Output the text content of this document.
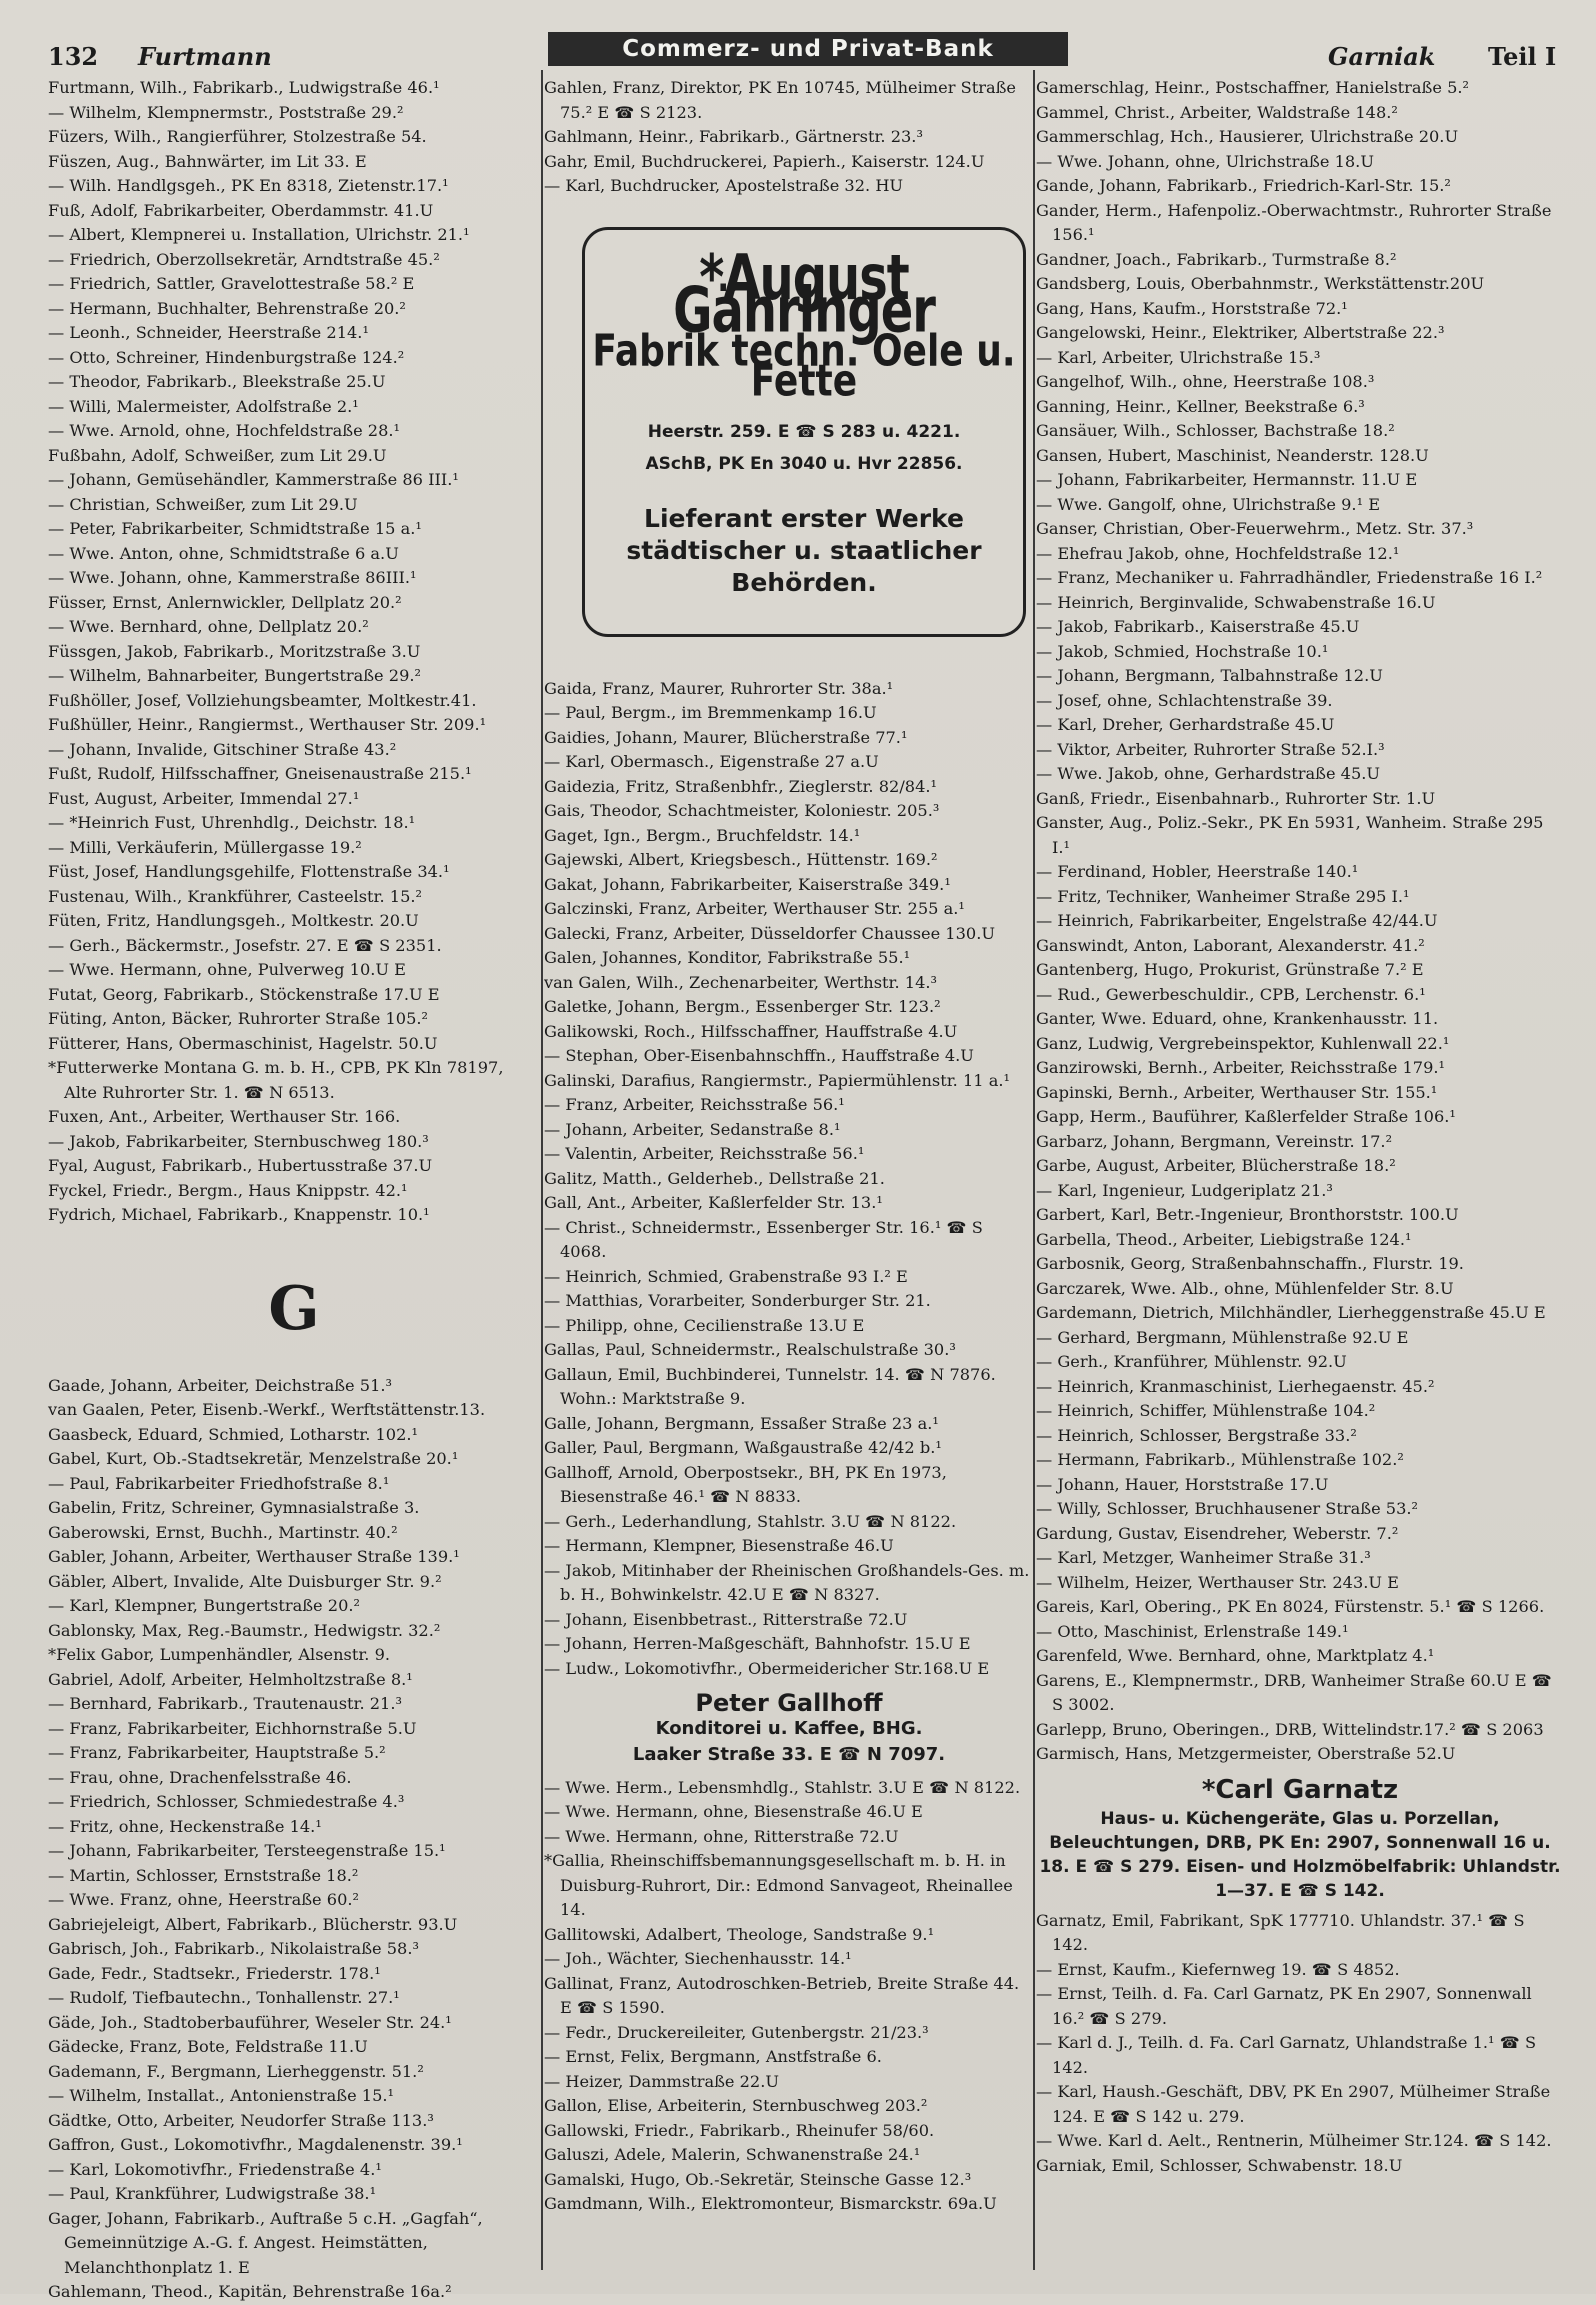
132 Furtmann	Commerz- und Privat-Bank	Garniak Teil I
Furtmann, Wilh., Fabrikarb., Ludwigstraße 46.¹
— Wilhelm, Klempnermstr., Poststraße 29.²
Füzers, Wilh., Rangierführer, Stolzestraße 54.
Füszen, Aug., Bahnwärter, im Lit 33. E
— Wilh. Handlgsgeh., PK En 8318, Zietenstr.17.¹
Fuß, Adolf, Fabrikarbeiter, Oberdammstr. 41.U
— Albert, Klempnerei u. Installation, Ulrichstr. 21.¹
— Friedrich, Oberzollsekretär, Arndtstraße 45.²
— Friedrich, Sattler, Gravelottestraße 58.² E
— Hermann, Buchhalter, Behrenstraße 20.²
— Leonh., Schneider, Heerstraße 214.¹
— Otto, Schreiner, Hindenburgstraße 124.²
— Theodor, Fabrikarb., Bleekstraße 25.U
— Willi, Malermeister, Adolfstraße 2.¹
— Wwe. Arnold, ohne, Hochfeldstraße 28.¹
Fußbahn, Adolf, Schweißer, zum Lit 29.U
— Johann, Gemüsehändler, Kammerstraße 86 III.¹
— Christian, Schweißer, zum Lit 29.U
— Peter, Fabrikarbeiter, Schmidtstraße 15 a.¹
— Wwe. Anton, ohne, Schmidtstraße 6 a.U
— Wwe. Johann, ohne, Kammerstraße 86III.¹
Füsser, Ernst, Anlernwickler, Dellplatz 20.²
— Wwe. Bernhard, ohne, Dellplatz 20.²
Füssgen, Jakob, Fabrikarb., Moritzstraße 3.U
— Wilhelm, Bahnarbeiter, Bungertstraße 29.²
Fußhöller, Josef, Vollziehungsbeamter, Moltkestr.41.
Fußhüller, Heinr., Rangiermst., Werthauser Str. 209.¹
— Johann, Invalide, Gitschiner Straße 43.²
Fußt, Rudolf, Hilfsschaffner, Gneisenaustraße 215.¹
Fust, August, Arbeiter, Immendal 27.¹
— *Heinrich Fust, Uhrenhdlg., Deichstr. 18.¹
— Milli, Verkäuferin, Müllergasse 19.²
Füst, Josef, Handlungsgehilfe, Flottenstraße 34.¹
Fustenau, Wilh., Krankführer, Casteelstr. 15.²
Füten, Fritz, Handlungsgeh., Moltkestr. 20.U
— Gerh., Bäckermstr., Josefstr. 27. E ☎ S 2351.
— Wwe. Hermann, ohne, Pulverweg 10.U E
Futat, Georg, Fabrikarb., Stöckenstraße 17.U E
Füting, Anton, Bäcker, Ruhrorter Straße 105.²
Fütterer, Hans, Obermaschinist, Hagelstr. 50.U
*Futterwerke Montana G. m. b. H., CPB, PK Kln 78197, Alte Ruhrorter Str. 1. ☎ N 6513.
Fuxen, Ant., Arbeiter, Werthauser Str. 166.
— Jakob, Fabrikarbeiter, Sternbuschweg 180.³
Fyal, August, Fabrikarb., Hubertusstraße 37.U
Fyckel, Friedr., Bergm., Haus Knippstr. 42.¹
Fydrich, Michael, Fabrikarb., Knappenstr. 10.¹
G
Gaade, Johann, Arbeiter, Deichstraße 51.³
van Gaalen, Peter, Eisenb.-Werkf., Werftstättenstr.13.
Gaasbeck, Eduard, Schmied, Lotharstr. 102.¹
Gabel, Kurt, Ob.-Stadtsekretär, Menzelstraße 20.¹
— Paul, Fabrikarbeiter Friedhofstraße 8.¹
Gabelin, Fritz, Schreiner, Gymnasialstraße 3.
Gaberowski, Ernst, Buchh., Martinstr. 40.²
Gabler, Johann, Arbeiter, Werthauser Straße 139.¹
Gäbler, Albert, Invalide, Alte Duisburger Str. 9.²
— Karl, Klempner, Bungertstraße 20.²
Gablonsky, Max, Reg.-Baumstr., Hedwigstr. 32.²
*Felix Gabor, Lumpenhändler, Alsenstr. 9.
Gabriel, Adolf, Arbeiter, Helmholtzstraße 8.¹
— Bernhard, Fabrikarb., Trautenaustr. 21.³
— Franz, Fabrikarbeiter, Eichhornstraße 5.U
— Franz, Fabrikarbeiter, Hauptstraße 5.²
— Frau, ohne, Drachenfelsstraße 46.
— Friedrich, Schlosser, Schmiedestraße 4.³
— Fritz, ohne, Heckenstraße 14.¹
— Johann, Fabrikarbeiter, Tersteegenstraße 15.¹
— Martin, Schlosser, Ernststraße 18.²
— Wwe. Franz, ohne, Heerstraße 60.²
Gabriejeleigt, Albert, Fabrikarb., Blücherstr. 93.U
Gabrisch, Joh., Fabrikarb., Nikolaistraße 58.³
Gade, Fedr., Stadtsekr., Friederstr. 178.¹
— Rudolf, Tiefbautechn., Tonhallenstr. 27.¹
Gäde, Joh., Stadtoberbauführer, Weseler Str. 24.¹
Gädecke, Franz, Bote, Feldstraße 11.U
Gademann, F., Bergmann, Lierheggenstr. 51.²
— Wilhelm, Installat., Antonienstraße 15.¹
Gädtke, Otto, Arbeiter, Neudorfer Straße 113.³
Gaffron, Gust., Lokomotivfhr., Magdalenenstr. 39.¹
— Karl, Lokomotivfhr., Friedenstraße 4.¹
— Paul, Krankführer, Ludwigstraße 38.¹
Gager, Johann, Fabrikarb., Auftraße 5 c.H. „Gagfah“, Gemeinnützige A.-G. f. Angest. Heimstätten, Melanchthonplatz 1. E
Gahlemann, Theod., Kapitän, Behrenstraße 16a.²
Gahlen, Franz, Direktor, PK En 10745, Mülheimer Straße 75.² E ☎ S 2123.
Gahlmann, Heinr., Fabrikarb., Gärtnerstr. 23.³
Gahr, Emil, Buchdruckerei, Papierh., Kaiserstr. 124.U
— Karl, Buchdrucker, Apostelstraße 32. HU
*August Gähringer
Fabrik techn. Oele u. Fette
Heerstr. 259. E ☎ S 283 u. 4221.
ASchB, PK En 3040 u. Hvr 22856.
Lieferant erster Werke städtischer u. staatlicher Behörden.
Gaida, Franz, Maurer, Ruhrorter Str. 38a.¹
— Paul, Bergm., im Bremmenkamp 16.U
Gaidies, Johann, Maurer, Blücherstraße 77.¹
— Karl, Obermasch., Eigenstraße 27 a.U
Gaidezia, Fritz, Straßenbhfr., Zieglerstr. 82/84.¹
Gais, Theodor, Schachtmeister, Koloniestr. 205.³
Gaget, Ign., Bergm., Bruchfeldstr. 14.¹
Gajewski, Albert, Kriegsbesch., Hüttenstr. 169.²
Gakat, Johann, Fabrikarbeiter, Kaiserstraße 349.¹
Galczinski, Franz, Arbeiter, Werthauser Str. 255 a.¹
Galecki, Franz, Arbeiter, Düsseldorfer Chaussee 130.U
Galen, Johannes, Konditor, Fabrikstraße 55.¹
van Galen, Wilh., Zechenarbeiter, Werthstr. 14.³
Galetke, Johann, Bergm., Essenberger Str. 123.²
Galikowski, Roch., Hilfsschaffner, Hauffstraße 4.U
— Stephan, Ober-Eisenbahnschffn., Hauffstraße 4.U
Galinski, Darafius, Rangiermstr., Papiermühlenstr. 11 a.¹
— Franz, Arbeiter, Reichsstraße 56.¹
— Johann, Arbeiter, Sedanstraße 8.¹
— Valentin, Arbeiter, Reichsstraße 56.¹
Galitz, Matth., Gelderheb., Dellstraße 21.
Gall, Ant., Arbeiter, Kaßlerfelder Str. 13.¹
— Christ., Schneidermstr., Essenberger Str. 16.¹ ☎ S 4068.
— Heinrich, Schmied, Grabenstraße 93 I.² E
— Matthias, Vorarbeiter, Sonderburger Str. 21.
— Philipp, ohne, Cecilienstraße 13.U E
Gallas, Paul, Schneidermstr., Realschulstraße 30.³
Gallaun, Emil, Buchbinderei, Tunnelstr. 14. ☎ N 7876. Wohn.: Marktstraße 9.
Galle, Johann, Bergmann, Essaßer Straße 23 a.¹
Galler, Paul, Bergmann, Waßgaustraße 42/42 b.¹
Gallhoff, Arnold, Oberpostsekr., BH, PK En 1973, Biesenstraße 46.¹ ☎ N 8833.
— Gerh., Lederhandlung, Stahlstr. 3.U ☎ N 8122.
— Hermann, Klempner, Biesenstraße 46.U
— Jakob, Mitinhaber der Rheinischen Großhandels-Ges. m. b. H., Bohwinkelstr. 42.U E ☎ N 8327.
— Johann, Eisenbbetrast., Ritterstraße 72.U
— Johann, Herren-Maßgeschäft, Bahnhofstr. 15.U E
— Ludw., Lokomotivfhr., Obermeidericher Str.168.U E
Peter Gallhoff
Konditorei u. Kaffee, BHG.
Laaker Straße 33. E ☎ N 7097.
— Wwe. Herm., Lebensmhdlg., Stahlstr. 3.U E ☎ N 8122.
— Wwe. Hermann, ohne, Biesenstraße 46.U E
— Wwe. Hermann, ohne, Ritterstraße 72.U
*Gallia, Rheinschiffsbemannungsgesellschaft m. b. H. in Duisburg-Ruhrort, Dir.: Edmond Sanvageot, Rheinallee 14.
Gallitowski, Adalbert, Theologe, Sandstraße 9.¹
— Joh., Wächter, Siechenhausstr. 14.¹
Gallinat, Franz, Autodroschken-Betrieb, Breite Straße 44. E ☎ S 1590.
— Fedr., Druckereileiter, Gutenbergstr. 21/23.³
— Ernst, Felix, Bergmann, Anstfstraße 6.
— Heizer, Dammstraße 22.U
Gallon, Elise, Arbeiterin, Sternbuschweg 203.²
Gallowski, Friedr., Fabrikarb., Rheinufer 58/60.
Galuszi, Adele, Malerin, Schwanenstraße 24.¹
Gamalski, Hugo, Ob.-Sekretär, Steinsche Gasse 12.³
Gamdmann, Wilh., Elektromonteur, Bismarckstr. 69a.U
Gamerschlag, Heinr., Postschaffner, Hanielstraße 5.²
Gammel, Christ., Arbeiter, Waldstraße 148.²
Gammerschlag, Hch., Hausierer, Ulrichstraße 20.U
— Wwe. Johann, ohne, Ulrichstraße 18.U
Gande, Johann, Fabrikarb., Friedrich-Karl-Str. 15.²
Gander, Herm., Hafenpoliz.-Oberwachtmstr., Ruhrorter Straße 156.¹
Gandner, Joach., Fabrikarb., Turmstraße 8.²
Gandsberg, Louis, Oberbahnmstr., Werkstättenstr.20U
Gang, Hans, Kaufm., Horststraße 72.¹
Gangelowski, Heinr., Elektriker, Albertstraße 22.³
— Karl, Arbeiter, Ulrichstraße 15.³
Gangelhof, Wilh., ohne, Heerstraße 108.³
Ganning, Heinr., Kellner, Beekstraße 6.³
Gansäuer, Wilh., Schlosser, Bachstraße 18.²
Gansen, Hubert, Maschinist, Neanderstr. 128.U
— Johann, Fabrikarbeiter, Hermannstr. 11.U E
— Wwe. Gangolf, ohne, Ulrichstraße 9.¹ E
Ganser, Christian, Ober-Feuerwehrm., Metz. Str. 37.³
— Ehefrau Jakob, ohne, Hochfeldstraße 12.¹
— Franz, Mechaniker u. Fahrradhändler, Friedenstraße 16 I.²
— Heinrich, Berginvalide, Schwabenstraße 16.U
— Jakob, Fabrikarb., Kaiserstraße 45.U
— Jakob, Schmied, Hochstraße 10.¹
— Johann, Bergmann, Talbahnstraße 12.U
— Josef, ohne, Schlachtenstraße 39.
— Karl, Dreher, Gerhardstraße 45.U
— Viktor, Arbeiter, Ruhrorter Straße 52.I.³
— Wwe. Jakob, ohne, Gerhardstraße 45.U
Ganß, Friedr., Eisenbahnarb., Ruhrorter Str. 1.U
Ganster, Aug., Poliz.-Sekr., PK En 5931, Wanheim. Straße 295 I.¹
— Ferdinand, Hobler, Heerstraße 140.¹
— Fritz, Techniker, Wanheimer Straße 295 I.¹
— Heinrich, Fabrikarbeiter, Engelstraße 42/44.U
Ganswindt, Anton, Laborant, Alexanderstr. 41.²
Gantenberg, Hugo, Prokurist, Grünstraße 7.² E
— Rud., Gewerbeschuldir., CPB, Lerchenstr. 6.¹
Ganter, Wwe. Eduard, ohne, Krankenhausstr. 11.
Ganz, Ludwig, Vergrebeinspektor, Kuhlenwall 22.¹
Ganzirowski, Bernh., Arbeiter, Reichsstraße 179.¹
Gapinski, Bernh., Arbeiter, Werthauser Str. 155.¹
Gapp, Herm., Bauführer, Kaßlerfelder Straße 106.¹
Garbarz, Johann, Bergmann, Vereinstr. 17.²
Garbe, August, Arbeiter, Blücherstraße 18.²
— Karl, Ingenieur, Ludgeriplatz 21.³
Garbert, Karl, Betr.-Ingenieur, Bronthorststr. 100.U
Garbella, Theod., Arbeiter, Liebigstraße 124.¹
Garbosnik, Georg, Straßenbahnschaffn., Flurstr. 19.
Garczarek, Wwe. Alb., ohne, Mühlenfelder Str. 8.U
Gardemann, Dietrich, Milchhändler, Lierheggenstraße 45.U E
— Gerhard, Bergmann, Mühlenstraße 92.U E
— Gerh., Kranführer, Mühlenstr. 92.U
— Heinrich, Kranmaschinist, Lierhegaenstr. 45.²
— Heinrich, Schiffer, Mühlenstraße 104.²
— Heinrich, Schlosser, Bergstraße 33.²
— Hermann, Fabrikarb., Mühlenstraße 102.²
— Johann, Hauer, Horststraße 17.U
— Willy, Schlosser, Bruchhausener Straße 53.²
Gardung, Gustav, Eisendreher, Weberstr. 7.²
— Karl, Metzger, Wanheimer Straße 31.³
— Wilhelm, Heizer, Werthauser Str. 243.U E
Gareis, Karl, Obering., PK En 8024, Fürstenstr. 5.¹ ☎ S 1266.
— Otto, Maschinist, Erlenstraße 149.¹
Garenfeld, Wwe. Bernhard, ohne, Marktplatz 4.¹
Garens, E., Klempnermstr., DRB, Wanheimer Straße 60.U E ☎ S 3002.
Garlepp, Bruno, Oberingen., DRB, Wittelindstr.17.² ☎ S 2063
Garmisch, Hans, Metzgermeister, Oberstraße 52.U
*Carl Garnatz
Haus- u. Küchengeräte, Glas u. Porzellan, Beleuchtungen, DRB, PK En: 2907, Sonnenwall 16 u. 18. E ☎ S 279. Eisen- und Holzmöbelfabrik: Uhlandstr. 1—37. E ☎ S 142.
Garnatz, Emil, Fabrikant, SpK 177710. Uhlandstr. 37.¹ ☎ S 142.
— Ernst, Kaufm., Kiefernweg 19. ☎ S 4852.
— Ernst, Teilh. d. Fa. Carl Garnatz, PK En 2907, Sonnenwall 16.² ☎ S 279.
— Karl d. J., Teilh. d. Fa. Carl Garnatz, Uhlandstraße 1.¹ ☎ S 142.
— Karl, Haush.-Geschäft, DBV, PK En 2907, Mülheimer Straße 124. E ☎ S 142 u. 279.
— Wwe. Karl d. Aelt., Rentnerin, Mülheimer Str.124. ☎ S 142.
Garniak, Emil, Schlosser, Schwabenstr. 18.U
